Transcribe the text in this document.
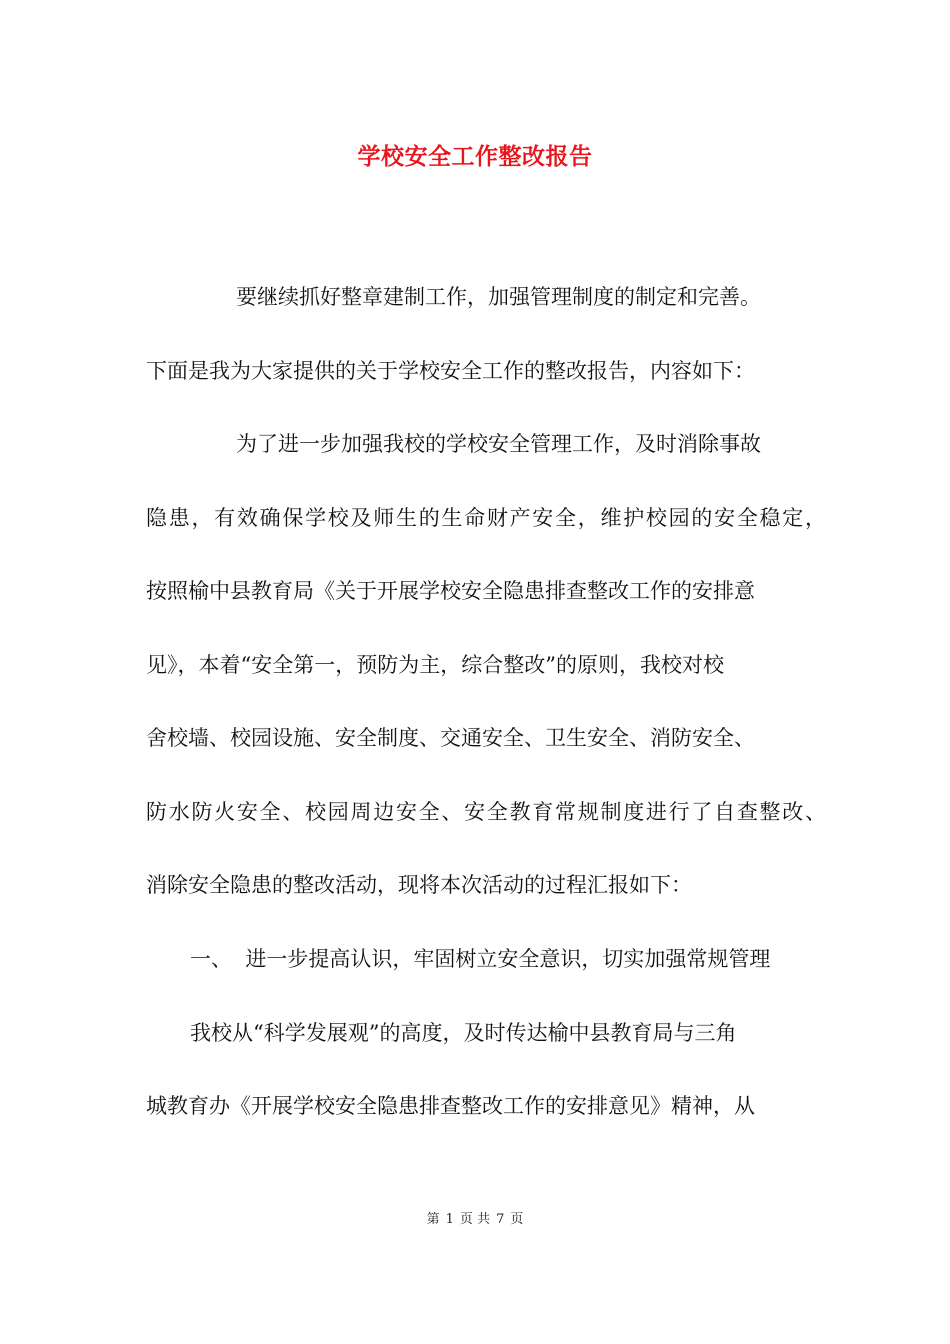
学校安全工作整改报告
要继续抓好整章建制工作，加强管理制度的制定和完善。
下面是我为大家提供的关于学校安全工作的整改报告，内容如下：
为了进一步加强我校的学校安全管理工作，及时消除事故
隐患，有效确保学校及师生的生命财产安全，维护校园的安全稳定，
按照榆中县教育局《关于开展学校安全隐患排查整改工作的安排意
见》，本着“安全第一，预防为主，综合整改”的原则，我校对校
舍校墙、校园设施、安全制度、交通安全、卫生安全、消防安全、
防水防火安全、校园周边安全、安全教育常规制度进行了自查整改、
消除安全隐患的整改活动，现将本次活动的过程汇报如下：
一、  进一步提高认识，牢固树立安全意识，切实加强常规管理
我校从“科学发展观”的高度，及时传达榆中县教育局与三角
城教育办《开展学校安全隐患排查整改工作的安排意见》精神，从
第 1 页 共 7 页
